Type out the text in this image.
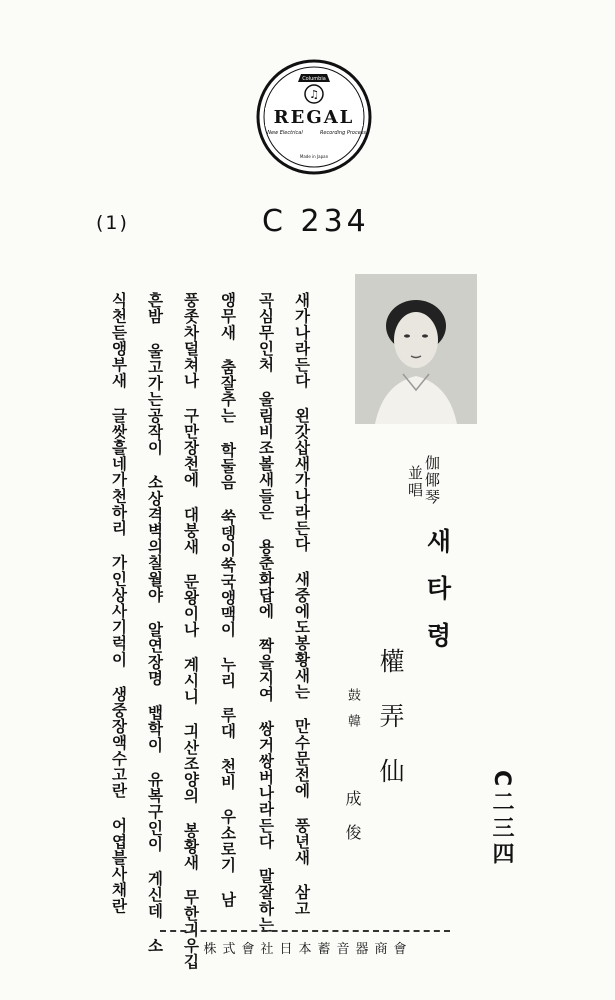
Columbia
♫
REGAL
New Electrical	Recording Process
Made in Japan
(1)	C 234
伽倻琴
並唱
새타령
權弄仙
鼓
韓
成俊	C二三四
새가나라든다 왼갓삽새가나라든다 새중에도봉황새는 만수문전에 풍년새 삼고
곡심무인처 울림비조볼새들은 용춘화답에 짝을지여 쌍거쌍버나라든다 말잘하는
앵무새 춤잘추는 학둘음 쑥뎅이쑥국앵맥이 누리 루대 천비 우소로기 남
풍좃차덜쳐나 구만장천에 대붕새 문왕이나 계시니 긔산조양의 봉황새 무한긔우깁
흔밤 울고가는공작이 소상격벽의칠월야 알연장명 뱁학이 유복구인이 게신데 소
식천듣앵부새 글쌋흘네가천하리 가인상사기럭이 생중장액수고란 어엽블사채란
株式會社日本蓄音器商會
